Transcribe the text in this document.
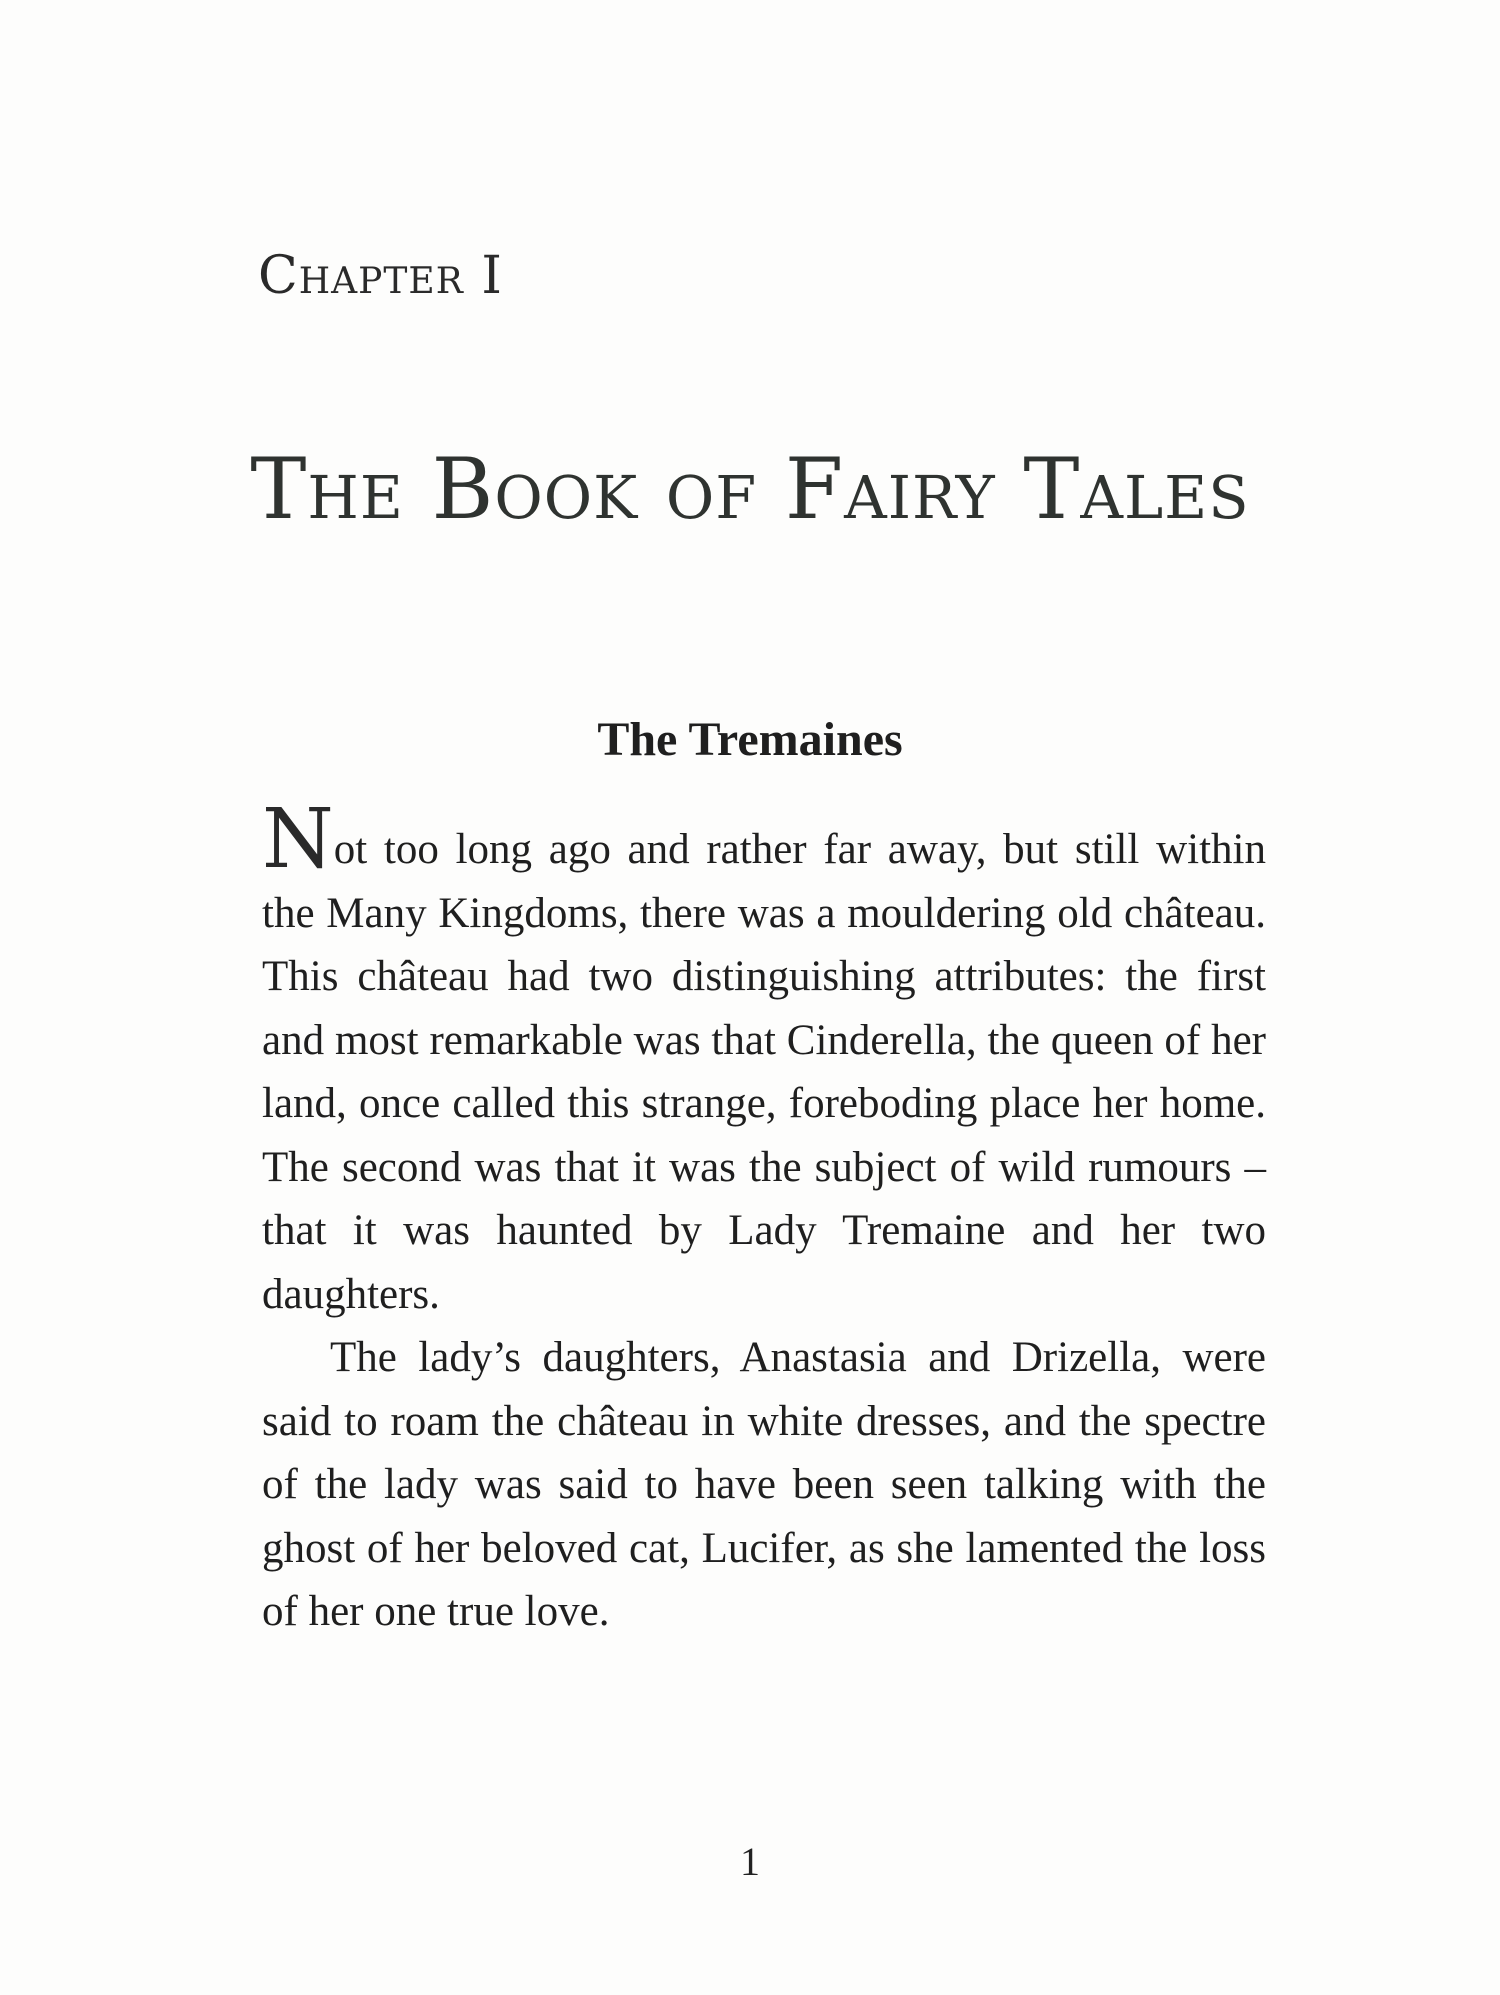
Chapter I
The Book of Fairy Tales
The Tremaines

Not too long ago and rather far away, but still within the Many Kingdoms, there was a mouldering old château. This château had two distinguishing attributes: the first and most remarkable was that Cinderella, the queen of her land, once called this strange, foreboding place her home. The second was that it was the subject of wild rumours – that it was haunted by Lady Tremaine and her two daughters.

The lady’s daughters, Anastasia and Drizella, were said to roam the château in white dresses, and the spectre of the lady was said to have been seen talking with the ghost of her beloved cat, Lucifer, as she lamented the loss of her one true love.

1
